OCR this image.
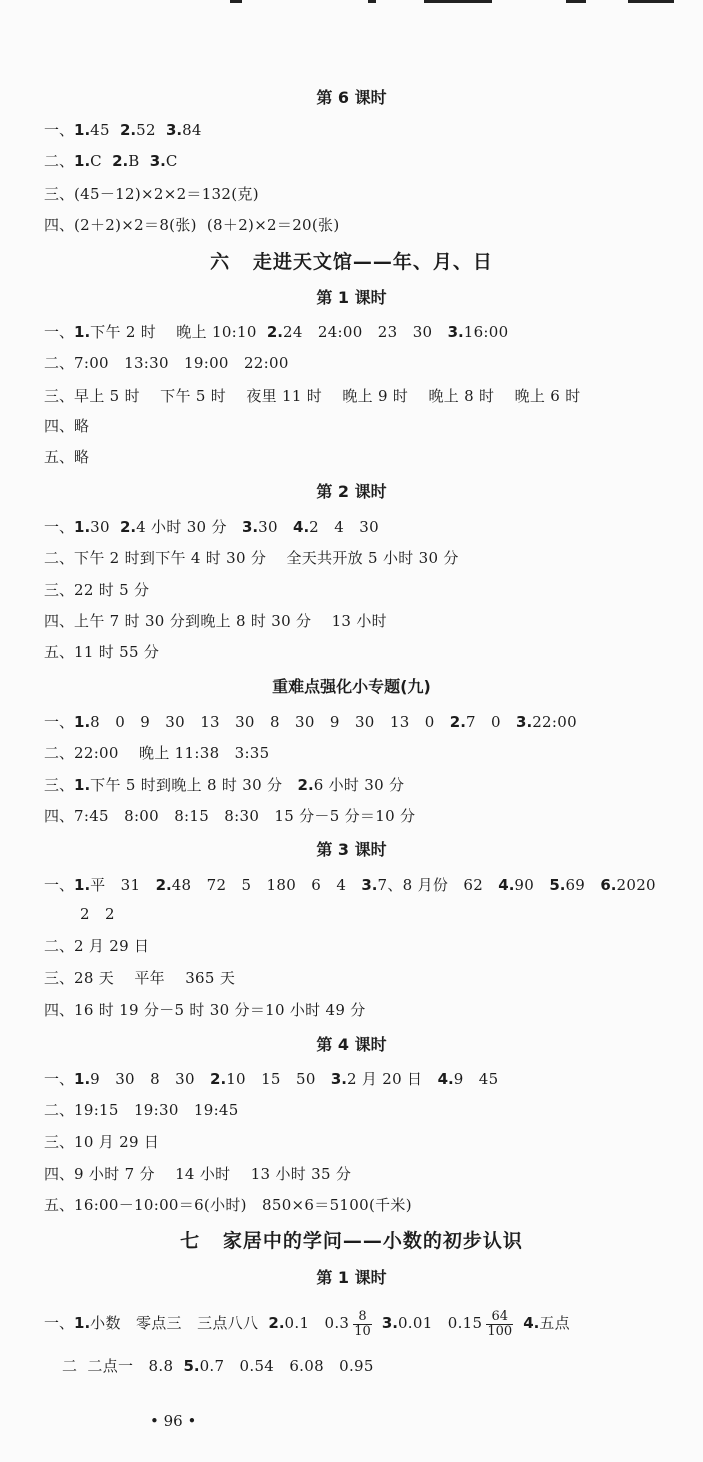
第 6 课时
一、1.45  2.52  3.84
二、1.C  2.B  3.C
三、(45－12)×2×2＝132(克)
四、(2＋2)×2＝8(张)  (8＋2)×2＝20(张)
六   走进天文馆——年、月、日
第 1 课时
一、1.下午 2 时    晚上 10:10  2.24   24:00   23   30   3.16:00
二、7:00   13:30   19:00   22:00
三、早上 5 时    下午 5 时    夜里 11 时    晚上 9 时    晚上 8 时    晚上 6 时
四、略
五、略
第 2 课时
一、1.30  2.4 小时 30 分   3.30   4.2   4   30
二、下午 2 时到下午 4 时 30 分    全天共开放 5 小时 30 分
三、22 时 5 分
四、上午 7 时 30 分到晚上 8 时 30 分    13 小时
五、11 时 55 分
重难点强化小专题(九)
一、1.8   0   9   30   13   30   8   30   9   30   13   0   2.7   0   3.22:00
二、22:00    晚上 11:38   3:35
三、1.下午 5 时到晚上 8 时 30 分   2.6 小时 30 分
四、7:45   8:00   8:15   8:30   15 分－5 分＝10 分
第 3 课时
一、1.平   31   2.48   72   5   180   6   4   3.7、8 月份   62   4.90   5.69   6.2020
2   2
二、2 月 29 日
三、28 天    平年    365 天
四、16 时 19 分－5 时 30 分＝10 小时 49 分
第 4 课时
一、1.9   30   8   30   2.10   15   50   3.2 月 20 日   4.9   45
二、19:15   19:30   19:45
三、10 月 29 日
四、9 小时 7 分    14 小时    13 小时 35 分
五、16:00－10:00＝6(小时)   850×6＝5100(千米)
七   家居中的学问——小数的初步认识
第 1 课时
一、1.小数   零点三   三点八八  2.0.1   $0.3 \frac{8}{10} 3.0.01$   $0.15 \frac{64}{100} 4$.五点
二  二点一   8.8  5.0.7   0.54   6.08   0.95
• 96 •
